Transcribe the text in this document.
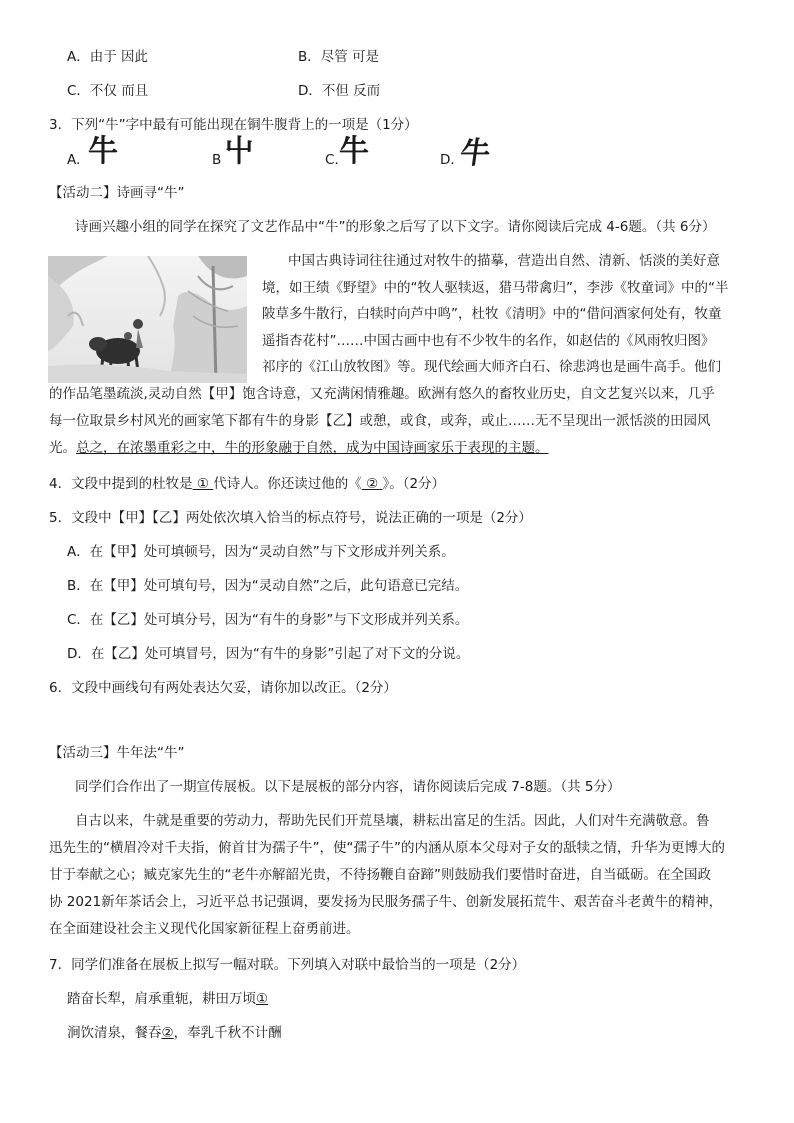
A．由于 因此	B．尽管 可是
C．不仅 而且	D．不但 反而
3．下列“牛”字中最有可能出现在铜牛腹背上的一项是（1分）
A. 牛	B 屮	C. 牛	D. 牛
【活动二】诗画寻“牛”
诗画兴趣小组的同学在探究了文艺作品中“牛”的形象之后写了以下文字。请你阅读后完成 4-6题。（共 6分）
中国古典诗词往往通过对牧牛的描摹，营造出自然、清新、恬淡的美好意
境，如王绩《野望》中的“牧人驱犊返，猎马带禽归”，李涉《牧童词》中的“半
陂草多牛散行，白犊时向芦中鸣”，杜牧《清明》中的“借问酒家何处有，牧童
遥指杏花村”……中国古画中也有不少牧牛的名作，如赵佶的《风雨牧归图》
祁序的《江山放牧图》等。现代绘画大师齐白石、徐悲鸿也是画牛高手。他们
的作品笔墨疏淡,灵动自然【甲】饱含诗意，又充满闲情雅趣。欧洲有悠久的畜牧业历史，自文艺复兴以来，几乎
每一位取景乡村风光的画家笔下都有牛的身影【乙】或憩，或食，或奔，或止……无不呈现出一派恬淡的田园风
光。总之，在浓墨重彩之中，牛的形象融于自然，成为中国诗画家乐于表现的主题。
4．文段中提到的杜牧是 ① 代诗人。你还读过他的《 ② 》。（2分）
5．文段中【甲】【乙】两处依次填入恰当的标点符号，说法正确的一项是（2分）
A．在【甲】处可填顿号，因为“灵动自然”与下文形成并列关系。
B．在【甲】处可填句号，因为“灵动自然”之后，此句语意已完结。
C．在【乙】处可填分号，因为“有牛的身影”与下文形成并列关系。
D．在【乙】处可填冒号，因为“有牛的身影”引起了对下文的分说。
6．文段中画线句有两处表达欠妥，请你加以改正。（2分）
【活动三】牛年法“牛”
同学们合作出了一期宣传展板。以下是展板的部分内容，请你阅读后完成 7-8题。（共 5分）
自古以来，牛就是重要的劳动力，帮助先民们开荒垦壤，耕耘出富足的生活。因此，人们对牛充满敬意。鲁
迅先生的“横眉冷对千夫指，俯首甘为孺子牛”，使“孺子牛”的内涵从原本父母对子女的舐犊之情，升华为更博大的
甘于奉献之心；臧克家先生的“老牛亦解韶光贵，不待扬鞭自奋蹄”则鼓励我们要惜时奋进，自当砥砺。在全国政
协 2021新年茶话会上，习近平总书记强调，要发扬为民服务孺子牛、创新发展拓荒牛、艰苦奋斗老黄牛的精神，
在全面建设社会主义现代化国家新征程上奋勇前进。
7．同学们准备在展板上拟写一幅对联。下列填入对联中最恰当的一项是（2分）
踏奋长犁，肩承重轭，耕田万顷①
涧饮清泉，餐吞②，奉乳千秋不计酬
